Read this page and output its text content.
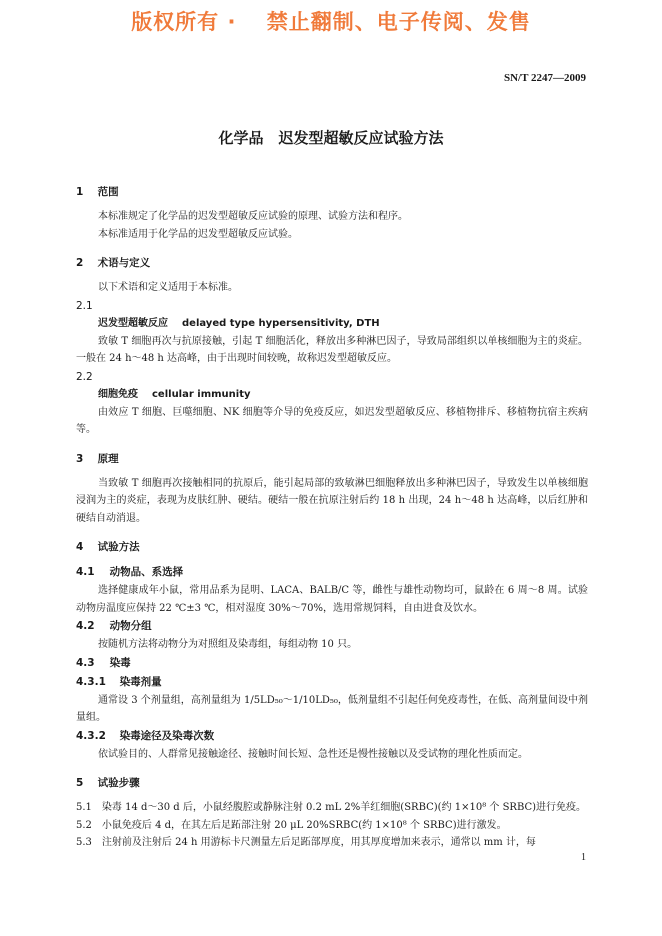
版权所有 ·　 禁止翻制、电子传阅、发售
SN/T 2247—2009
化学品　迟发型超敏反应试验方法
1 范围

本标准规定了化学品的迟发型超敏反应试验的原理、试验方法和程序。

本标准适用于化学品的迟发型超敏反应试验。

2 术语与定义

以下术语和定义适用于本标准。

2.1
迟发型超敏反应 delayed type hypersensitivity, DTH

致敏 T 细胞再次与抗原接触，引起 T 细胞活化，释放出多种淋巴因子，导致局部组织以单核细胞为主的炎症。一般在 24 h～48 h 达高峰，由于出现时间较晚，故称迟发型超敏反应。

2.2
细胞免疫 cellular immunity

由效应 T 细胞、巨噬细胞、NK 细胞等介导的免疫反应，如迟发型超敏反应、移植物排斥、移植物抗宿主疾病等。

3 原理

当致敏 T 细胞再次接触相同的抗原后，能引起局部的致敏淋巴细胞释放出多种淋巴因子，导致发生以单核细胞浸润为主的炎症，表现为皮肤红肿、硬结。硬结一般在抗原注射后约 18 h 出现，24 h～48 h 达高峰，以后红肿和硬结自动消退。

4 试验方法
4.1 动物品、系选择

选择健康成年小鼠，常用品系为昆明、LACA、BALB/C 等，雌性与雄性动物均可，鼠龄在 6 周～8 周。试验动物房温度应保持 22 ℃±3 ℃，相对湿度 30%～70%，选用常规饲料，自由进食及饮水。

4.2 动物分组

按随机方法将动物分为对照组及染毒组，每组动物 10 只。

4.3 染毒
4.3.1 染毒剂量

通常设 3 个剂量组，高剂量组为 1/5LD₅₀～1/10LD₅₀，低剂量组不引起任何免疫毒性，在低、高剂量间设中剂量组。

4.3.2 染毒途径及染毒次数

依试验目的、人群常见接触途径、接触时间长短、急性还是慢性接触以及受试物的理化性质而定。

5 试验步骤

5.1　染毒 14 d～30 d 后，小鼠经腹腔或静脉注射 0.2 mL 2%羊红细胞(SRBC)(约 1×10⁸ 个 SRBC)进行免疫。

5.2　小鼠免疫后 4 d，在其左后足跖部注射 20 μL 20%SRBC(约 1×10⁸ 个 SRBC)进行激发。

5.3　注射前及注射后 24 h 用游标卡尺测量左后足跖部厚度，用其厚度增加来表示，通常以 mm 计，每

1
